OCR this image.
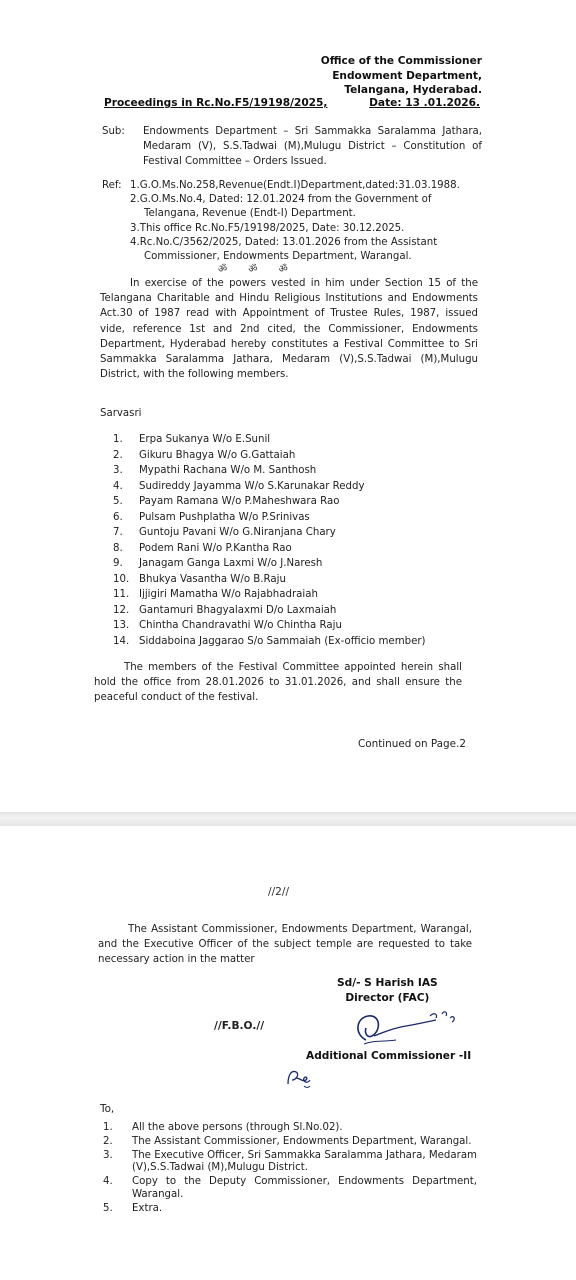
Office of the Commissioner
Endowment Department,
Telangana, Hyderabad.
Proceedings in Rc.No.F5/19198/2025,	Date: 13 .01.2026.
Sub: Endowments Department – Sri Sammakka Saralamma Jathara, Medaram (V), S.S.Tadwai (M),Mulugu District – Constitution of Festival Committee – Orders Issued.
Ref: 1.G.O.Ms.No.258,Revenue(Endt.I)Department,dated:31.03.1988.
2.G.O.Ms.No.4, Dated: 12.01.2024 from the Government of
Telangana, Revenue (Endt-I) Department.
3.This office Rc.No.F5/19198/2025, Date: 30.12.2025.
4.Rc.No.C/3562/2025, Dated: 13.01.2026 from the Assistant
Commissioner, Endowments Department, Warangal.
ॐ ॐ ॐ
In exercise of the powers vested in him under Section 15 of the Telangana Charitable and Hindu Religious Institutions and Endowments Act.30 of 1987 read with Appointment of Trustee Rules, 1987, issued vide, reference 1st and 2nd cited, the Commissioner, Endowments Department, Hyderabad hereby constitutes a Festival Committee to Sri Sammakka Saralamma Jathara, Medaram (V),S.S.Tadwai (M),Mulugu District, with the following members.
Sarvasri
1. Erpa Sukanya W/o E.Sunil
2. Gikuru Bhagya W/o G.Gattaiah
3. Mypathi Rachana W/o M. Santhosh
4. Sudireddy Jayamma W/o S.Karunakar Reddy
5. Payam Ramana W/o P.Maheshwara Rao
6. Pulsam Pushplatha W/o P.Srinivas
7. Guntoju Pavani W/o G.Niranjana Chary
8. Podem Rani W/o P.Kantha Rao
9. Janagam Ganga Laxmi W/o J.Naresh
10. Bhukya Vasantha W/o B.Raju
11. Ijjigiri Mamatha W/o Rajabhadraiah
12. Gantamuri Bhagyalaxmi D/o Laxmaiah
13. Chintha Chandravathi W/o Chintha Raju
14. Siddaboina Jaggarao S/o Sammaiah (Ex-officio member)
The members of the Festival Committee appointed herein shall hold the office from 28.01.2026 to 31.01.2026, and shall ensure the peaceful conduct of the festival.
Continued on Page.2
//2//
The Assistant Commissioner, Endowments Department, Warangal, and the Executive Officer of the subject temple are requested to take necessary action in the matter
Sd/- S Harish IAS
Director (FAC)
//F.B.O.//
Additional Commissioner -II
To,
1. All the above persons (through Sl.No.02).
2. The Assistant Commissioner, Endowments Department, Warangal.
3. The Executive Officer, Sri Sammakka Saralamma Jathara, Medaram (V),S.S.Tadwai (M),Mulugu District.
4. Copy to the Deputy Commissioner, Endowments Department, Warangal.
5. Extra.
